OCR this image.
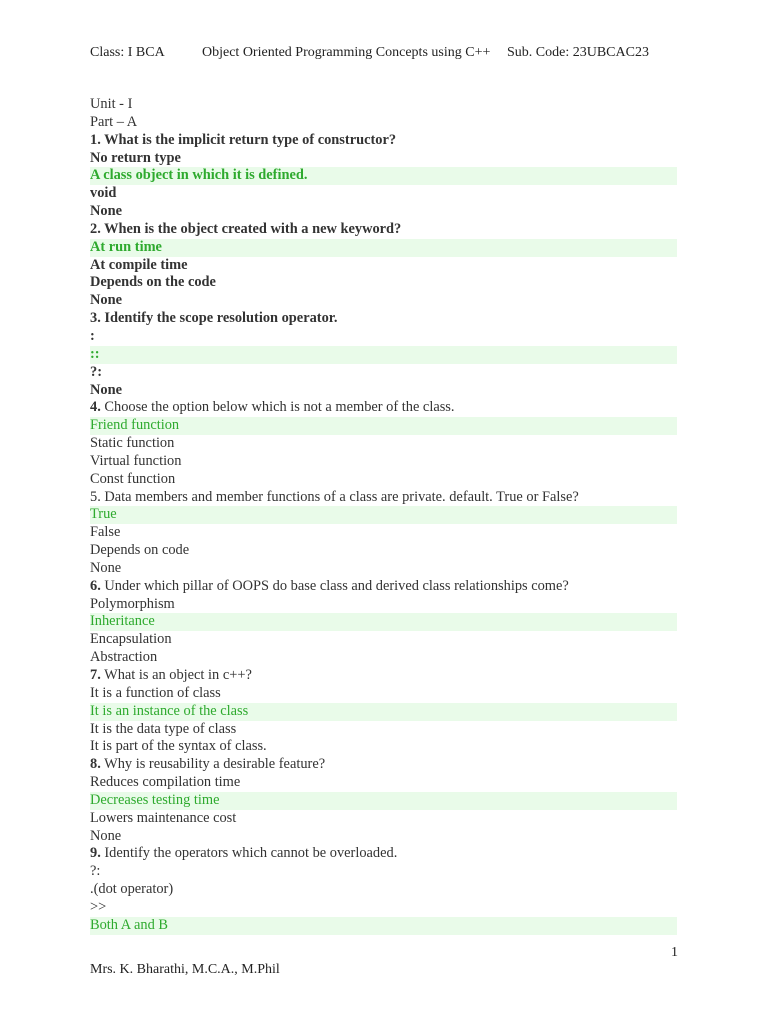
Class: I BCA	Object Oriented Programming Concepts using C++ Sub. Code: 23UBCAC23
Unit - I
Part – A
1. What is the implicit return type of constructor?
No return type
A class object in which it is defined.
void
None
2. When is the object created with a new keyword?
At run time
At compile time
Depends on the code
None
3. Identify the scope resolution operator.
:
::
?:
None
4. Choose the option below which is not a member of the class.
Friend function
Static function
Virtual function
Const function
5. Data members and member functions of a class are private. default. True or False?
True
False
Depends on code
None
6. Under which pillar of OOPS do base class and derived class relationships come?
Polymorphism
Inheritance
Encapsulation
Abstraction
7. What is an object in c++?
It is a function of class
It is an instance of the class
It is the data type of class
It is part of the syntax of class.
8. Why is reusability a desirable feature?
Reduces compilation time
Decreases testing time
Lowers maintenance cost
None
9. Identify the operators which cannot be overloaded.
?:
.(dot operator)
>>
Both A and B
1
Mrs. K. Bharathi, M.C.A., M.Phil
